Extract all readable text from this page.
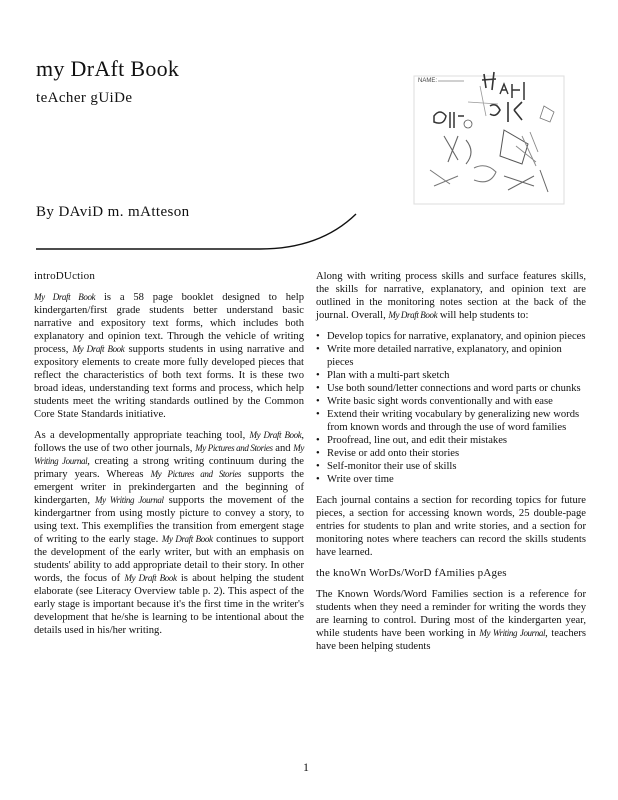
my DrAft Book
teAcher gUiDe
By DAviD m. mAtteson
NAME:
introDUction

My Draft Book is a 58 page booklet designed to help kindergarten/first grade students better understand basic narrative and expository text forms, which includes both explanatory and opinion text. Through the vehicle of writing process, My Draft Book supports students in using narrative and expository elements to create more fully developed pieces that reflect the characteristics of both text forms. It is these two broad ideas, understanding text forms and process, which help students meet the writing standards outlined by the Common Core State Standards initiative.

As a developmentally appropriate teaching tool, My Draft Book, follows the use of two other journals, My Pictures and Stories and My Writing Journal, creating a strong writing continuum during the primary years. Whereas My Pictures and Stories supports the emergent writer in prekindergarten and the beginning of kindergarten, My Writing Journal supports the movement of the kindergartner from using mostly picture to convey a story, to using text. This exemplifies the transition from emergent stage of writing to the early stage. My Draft Book continues to support the development of the early writer, but with an emphasis on students' ability to add appropriate detail to their story. In other words, the focus of My Draft Book is about helping the student elaborate (see Literacy Overview table p. 2). This aspect of the early stage is important because it's the first time in the writer's development that he/she is learning to be intentional about the details used in his/her writing.

Along with writing process skills and surface features skills, the skills for narrative, explanatory, and opinion text are outlined in the monitoring notes section at the back of the journal. Overall, My Draft Book will help students to:

• Develop topics for narrative, explanatory, and opinion pieces
• Write more detailed narrative, explanatory, and opinion pieces
• Plan with a multi-part sketch
• Use both sound/letter connections and word parts or chunks
• Write basic sight words conventionally and with ease
• Extend their writing vocabulary by generalizing new words from known words and through the use of word families
• Proofread, line out, and edit their mistakes
• Revise or add onto their stories
• Self-monitor their use of skills
• Write over time

Each journal contains a section for recording topics for future pieces, a section for accessing known words, 25 double-page entries for students to plan and write stories, and a section for monitoring notes where teachers can record the skills students have learned.

the knoWn WorDs/WorD fAmilies pAges

The Known Words/Word Families section is a reference for students when they need a reminder for writing the words they are learning to control. During most of the kindergarten year, while students have been working in My Writing Journal, teachers have been helping students

1
